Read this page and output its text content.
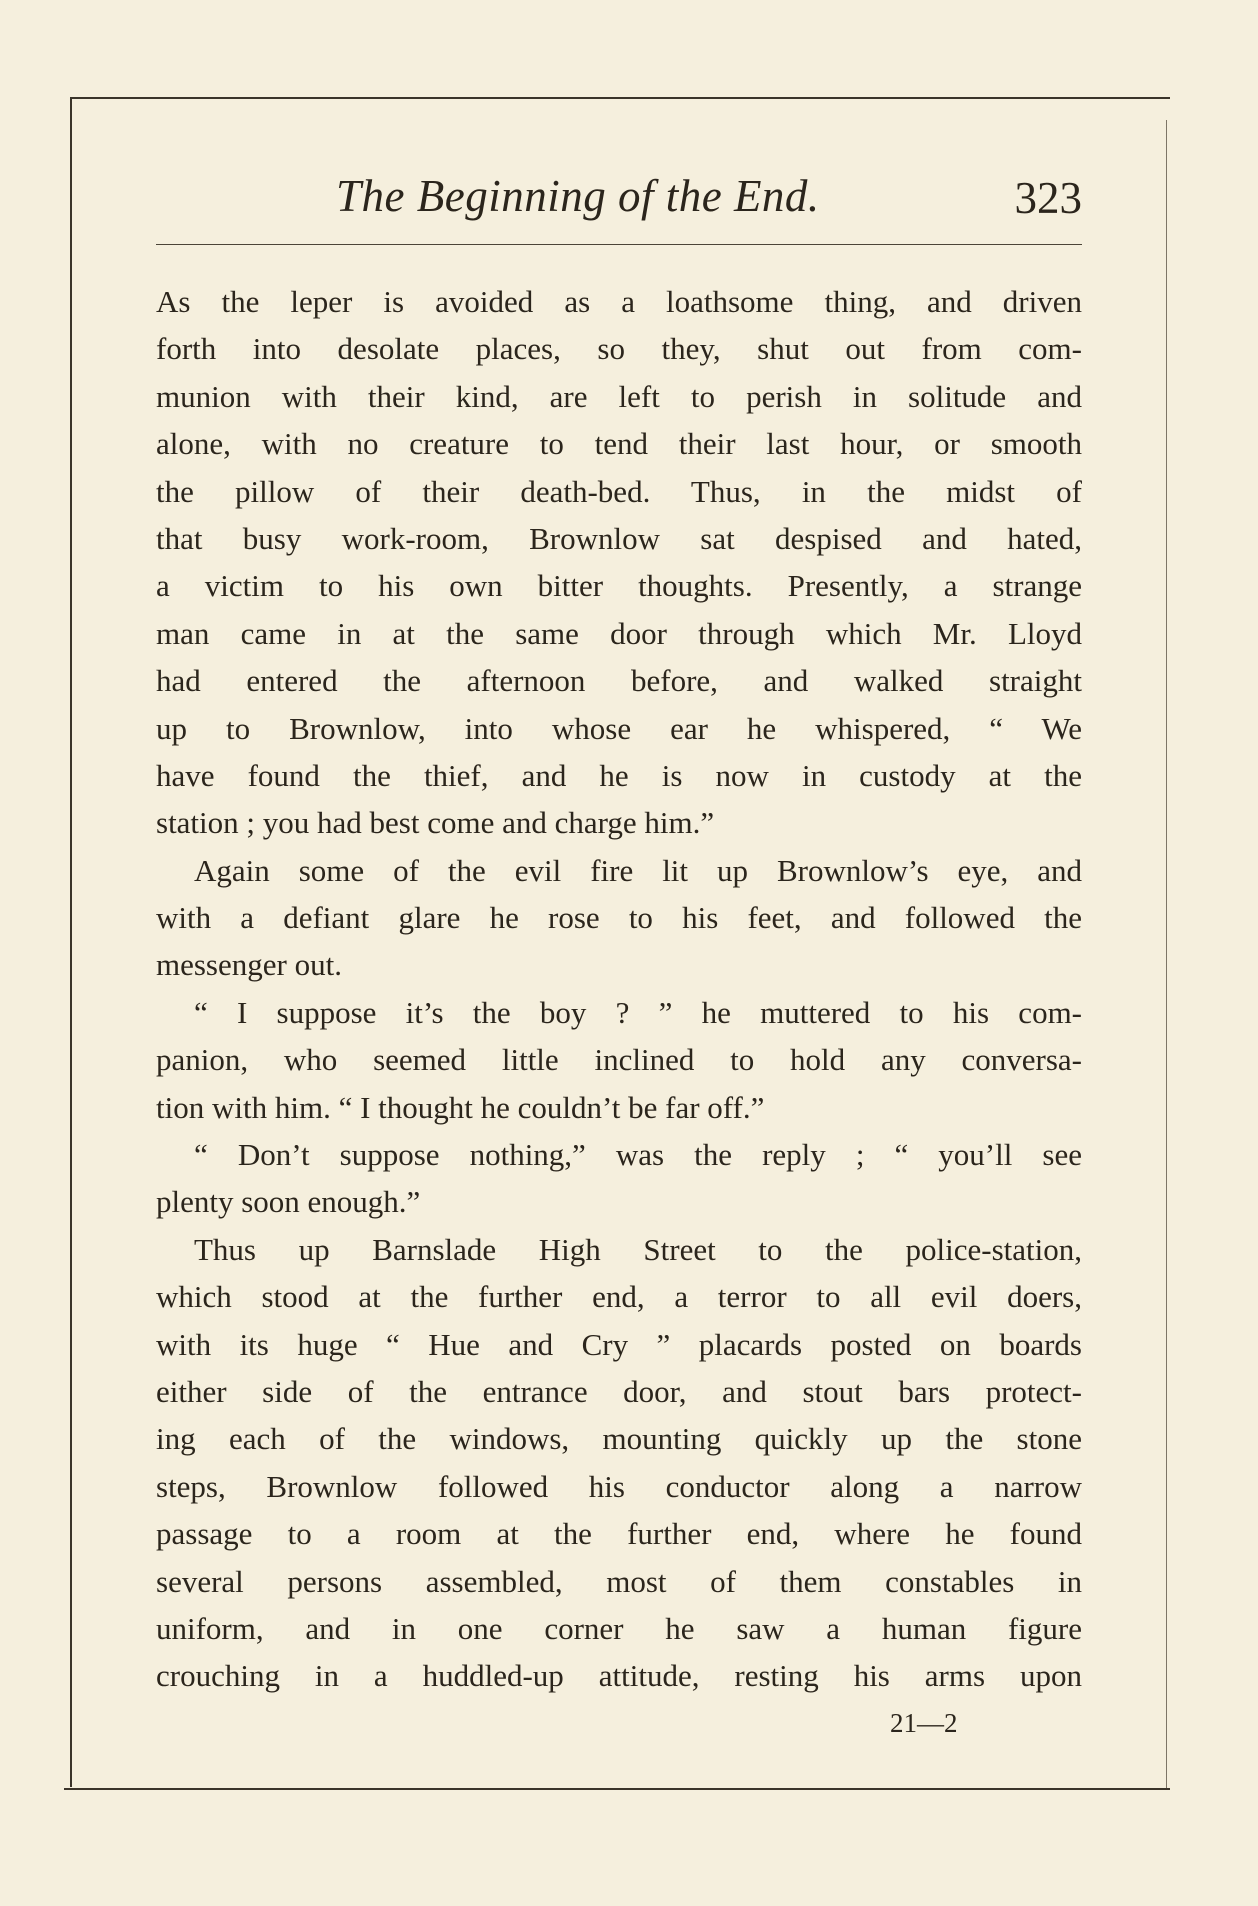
The Beginning of the End.	323
As the leper is avoided as a loathsome thing, and driven
forth into desolate places, so they, shut out from com-
munion with their kind, are left to perish in solitude and
alone, with no creature to tend their last hour, or smooth
the pillow of their death-bed. Thus, in the midst of
that busy work-room, Brownlow sat despised and hated,
a victim to his own bitter thoughts. Presently, a strange
man came in at the same door through which Mr. Lloyd
had entered the afternoon before, and walked straight
up to Brownlow, into whose ear he whispered, “ We
have found the thief, and he is now in custody at the
station ; you had best come and charge him.”
Again some of the evil fire lit up Brownlow’s eye, and
with a defiant glare he rose to his feet, and followed the
messenger out.
“ I suppose it’s the boy ? ” he muttered to his com-
panion, who seemed little inclined to hold any conversa-
tion with him. “ I thought he couldn’t be far off.”
“ Don’t suppose nothing,” was the reply ; “ you’ll see
plenty soon enough.”
Thus up Barnslade High Street to the police-station,
which stood at the further end, a terror to all evil doers,
with its huge “ Hue and Cry ” placards posted on boards
either side of the entrance door, and stout bars protect-
ing each of the windows, mounting quickly up the stone
steps, Brownlow followed his conductor along a narrow
passage to a room at the further end, where he found
several persons assembled, most of them constables in
uniform, and in one corner he saw a human figure
crouching in a huddled-up attitude, resting his arms upon
21—2
